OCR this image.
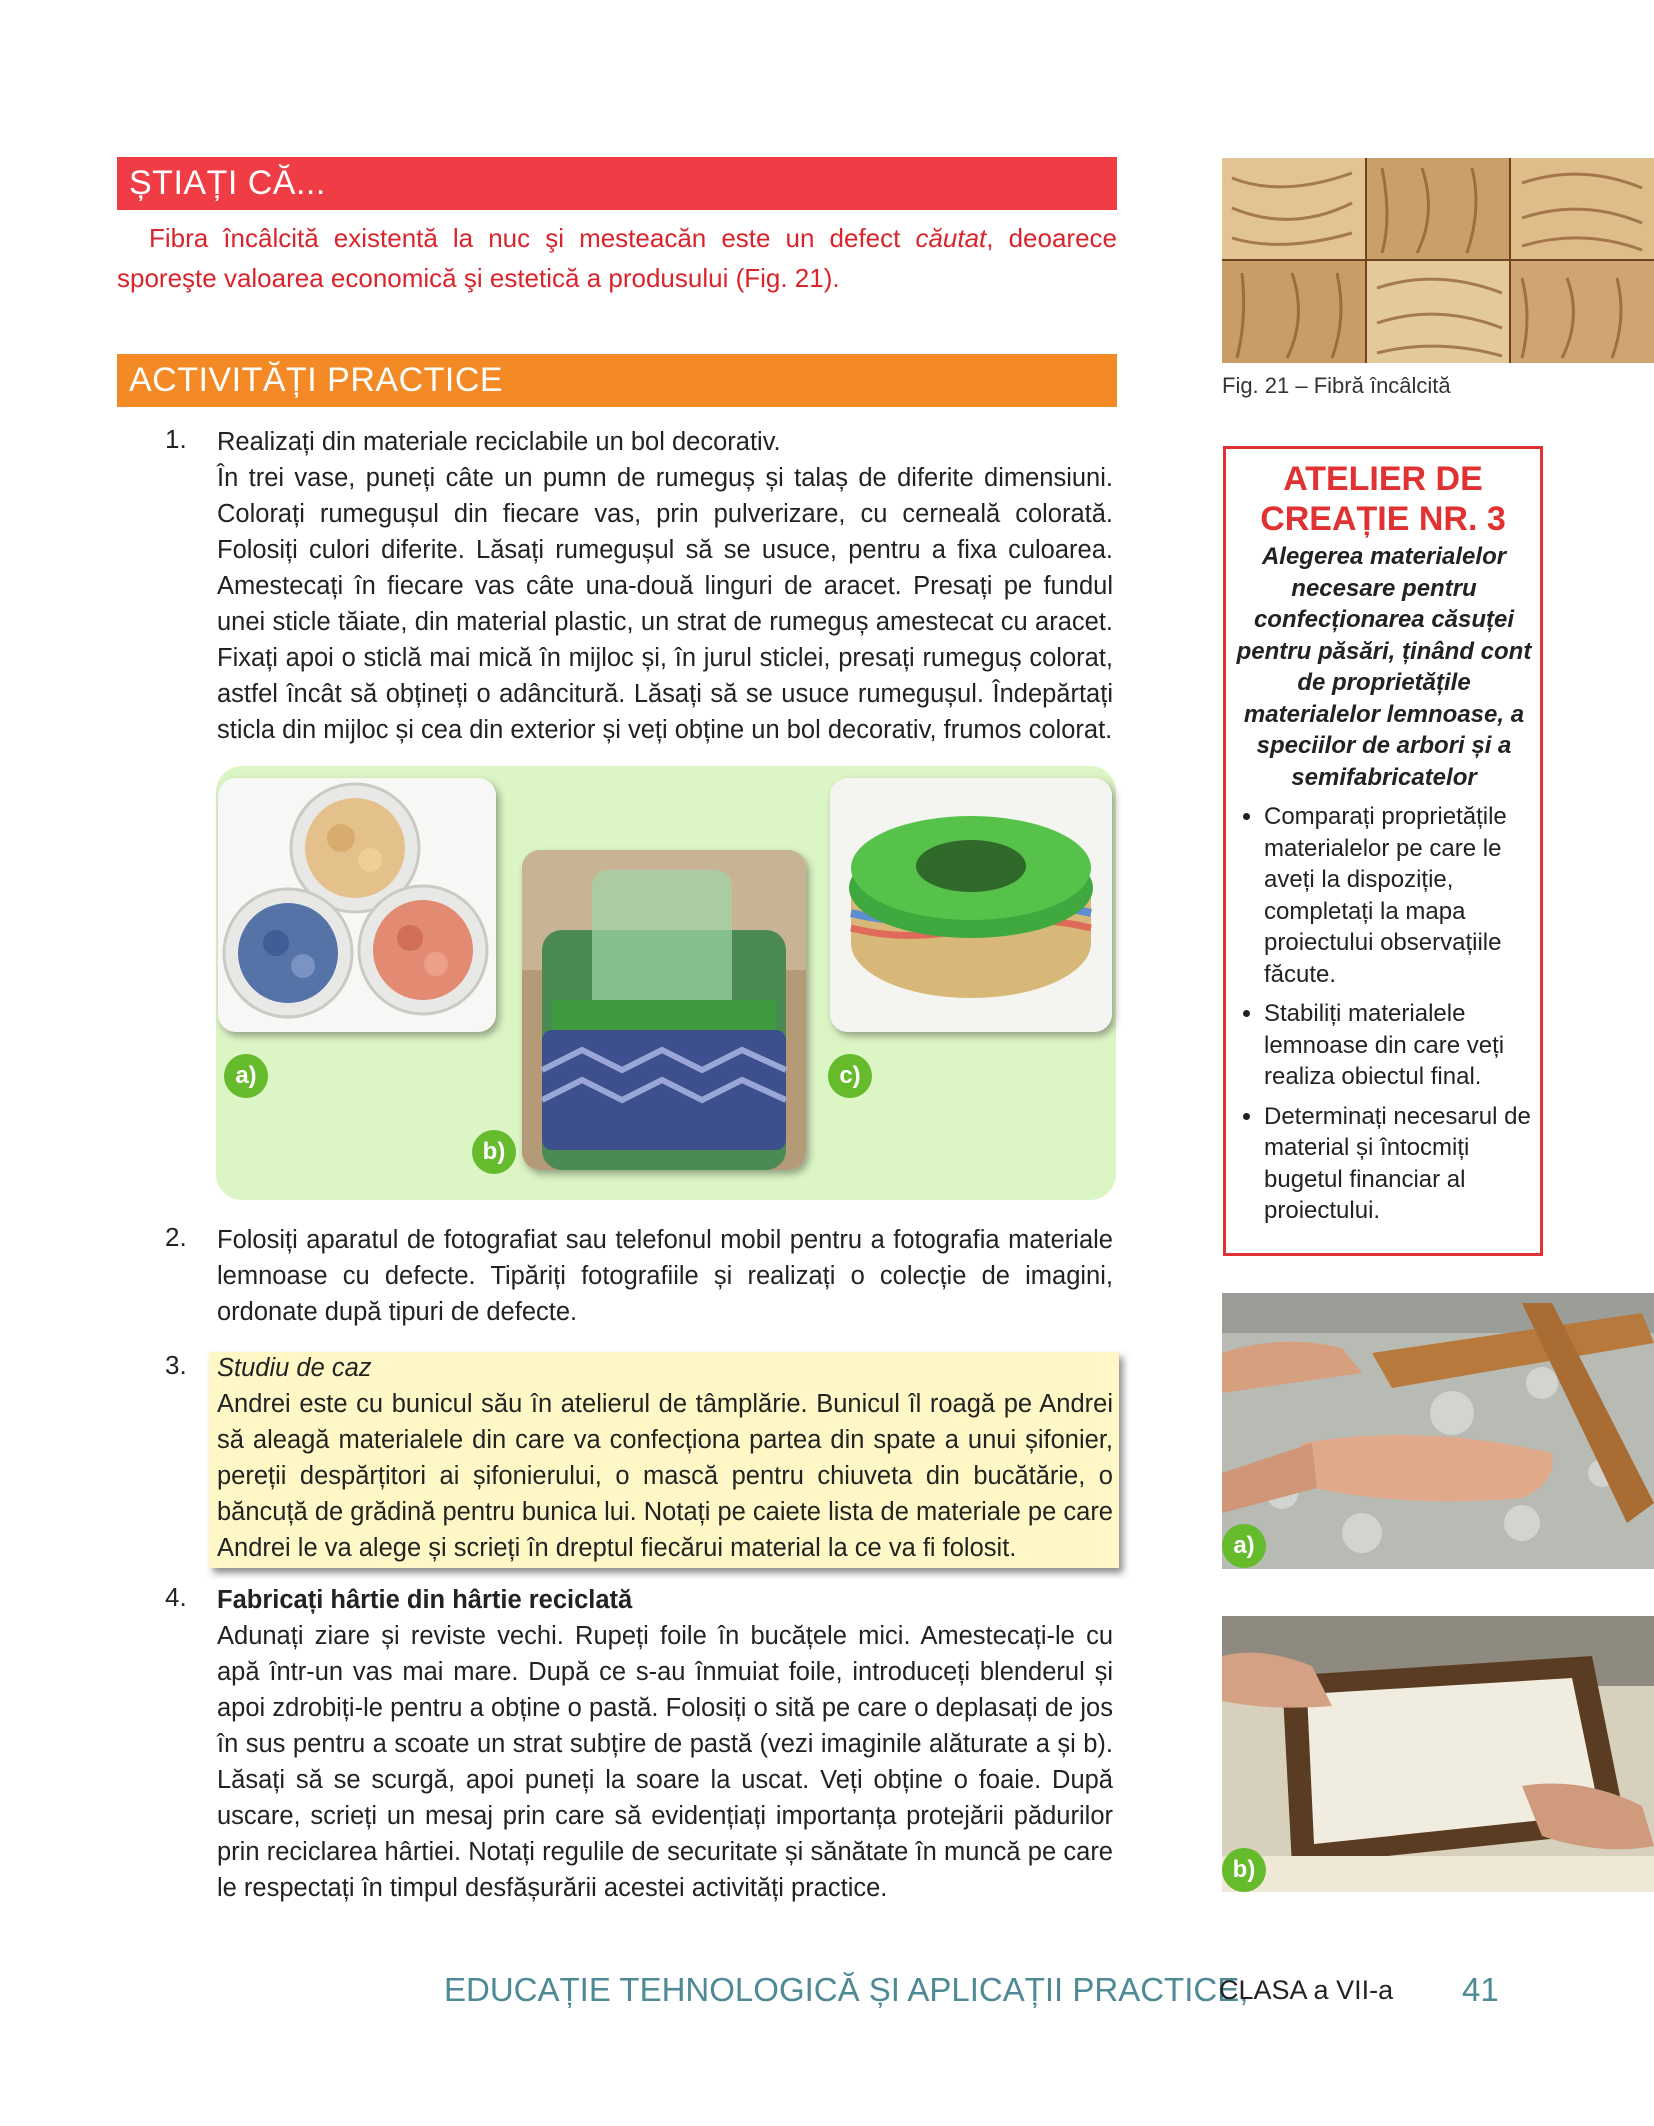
ȘTIAȚI CĂ...
Fibra încâlcită existentă la nuc şi mesteacăn este un defect căutat, deoarece sporeşte valoarea economică şi estetică a produsului (Fig. 21).
ACTIVITĂȚI PRACTICE
1. Realizați din materiale reciclabile un bol decorativ.

În trei vase, puneți câte un pumn de rumeguș și talaș de diferite dimensiuni. Colorați rumegușul din fiecare vas, prin pulverizare, cu cerneală colorată. Folosiți culori diferite. Lăsați rumegușul să se usuce, pentru a fixa culoarea. Amestecați în fiecare vas câte una-două linguri de aracet. Presați pe fundul unei sticle tăiate, din material plastic, un strat de rumeguș amestecat cu aracet. Fixați apoi o sticlă mai mică în mijloc și, în jurul sticlei, presați rumeguș colorat, astfel încât să obțineți o adâncitură. Lăsați să se usuce rumegușul. Îndepărtați sticla din mijloc și cea din exterior și veți obține un bol decorativ, frumos colorat.

a)
b)
c)
2. Folosiți aparatul de fotografiat sau telefonul mobil pentru a fotografia materiale lemnoase cu defecte. Tipăriți fotografiile și realizați o colecție de imagini, ordonate după tipuri de defecte.

3. Studiu de caz

Andrei este cu bunicul său în atelierul de tâmplărie. Bunicul îl roagă pe Andrei să aleagă materialele din care va confecționa partea din spate a unui șifonier, pereții despărțitori ai șifonierului, o mască pentru chiuveta din bucătărie, o băncuță de grădină pentru bunica lui. Notați pe caiete lista de materiale pe care Andrei le va alege și scrieți în dreptul fiecărui material la ce va fi folosit.

4. Fabricați hârtie din hârtie reciclată

Adunați ziare și reviste vechi. Rupeți foile în bucățele mici. Amestecați-le cu apă într-un vas mai mare. După ce s-au înmuiat foile, introduceți blenderul și apoi zdrobiți-le pentru a obține o pastă. Folosiți o sită pe care o deplasați de jos în sus pentru a scoate un strat subțire de pastă (vezi imaginile alăturate a și b). Lăsați să se scurgă, apoi puneți la soare la uscat. Veți obține o foaie. După uscare, scrieți un mesaj prin care să evidențiați importanța protejării pădurilor prin reciclarea hârtiei. Notați regulile de securitate și sănătate în muncă pe care le respectați în timpul desfășurării acestei activități practice.

Fig. 21 – Fibră încâlcită
ATELIER DE CREAȚIE NR. 3
Alegerea materialelor necesare pentru confecționarea căsuței pentru păsări, ținând cont de proprietățile materialelor lemnoase, a speciilor de arbori și a semifabricatelor
• Comparați proprietățile materialelor pe care le aveți la dispoziție, completați la mapa proiectului observațiile făcute.
• Stabiliți materialele lemnoase din care veți realiza obiectul final.
• Determinați necesarul de material și întocmiți bugetul financiar al proiectului.
a)
b)
EDUCAȚIE TEHNOLOGICĂ ȘI APLICAȚII PRACTICE,
CLASA a VII-a 41
